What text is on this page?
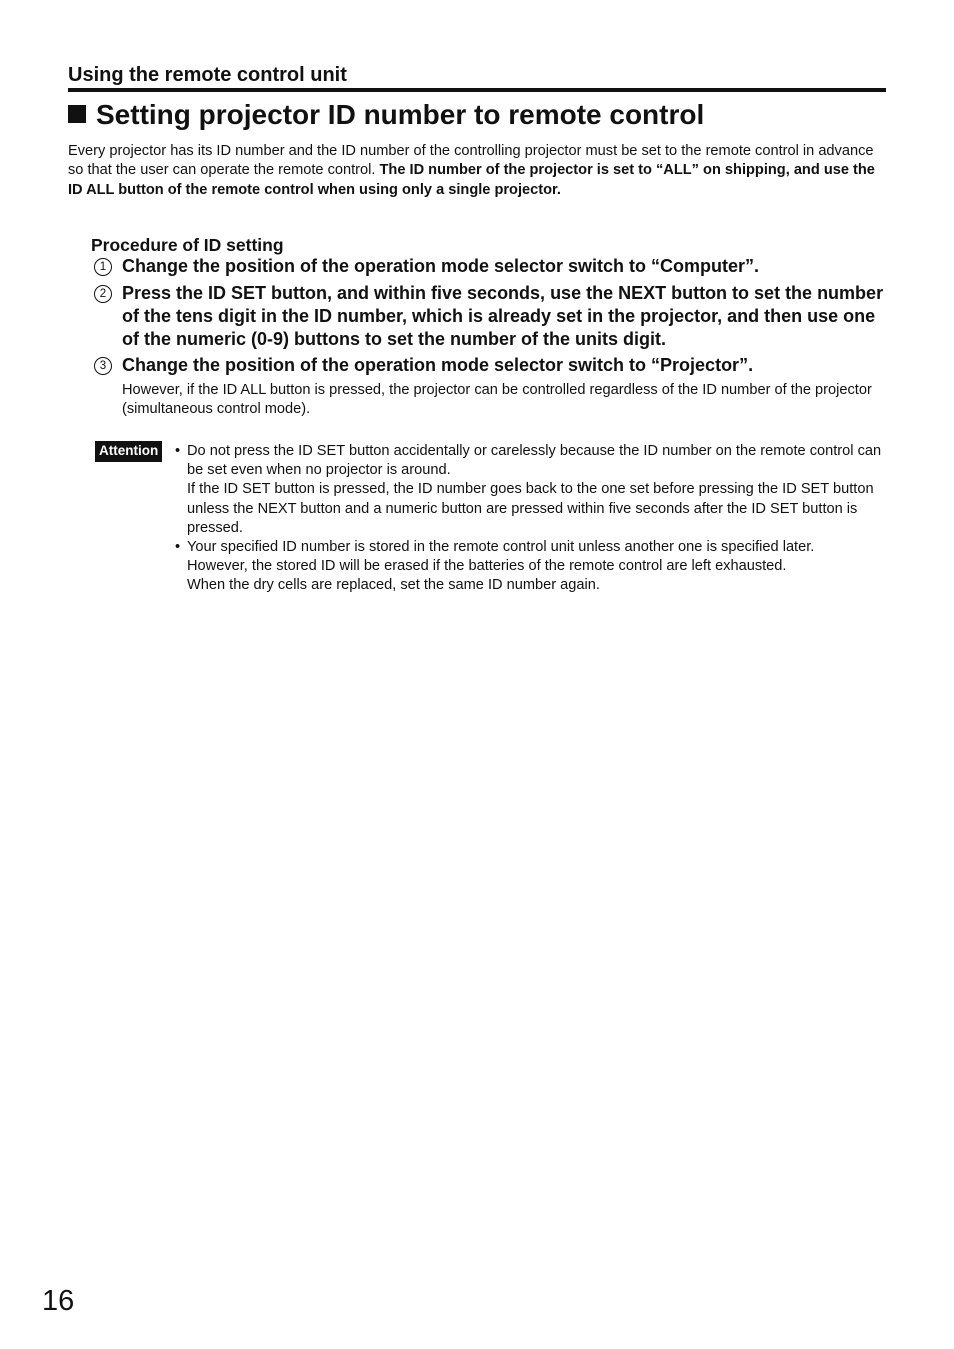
Using the remote control unit
Setting projector ID number to remote control

Every projector has its ID number and the ID number of the controlling projector must be set to the remote control in advance so that the user can operate the remote control. The ID number of the projector is set to “ALL” on shipping, and use the ID ALL button of the remote control when using only a single projector.

Procedure of ID setting
1 Change the position of the operation mode selector switch to “Computer”.
2 Press the ID SET button, and within five seconds, use the NEXT button to set the number of the tens digit in the ID number, which is already set in the projector, and then use one of the numeric (0-9) buttons to set the number of the units digit.
3 Change the position of the operation mode selector switch to “Projector”.

However, if the ID ALL button is pressed, the projector can be controlled regardless of the ID number of the projector (simultaneous control mode).

Attention • Do not press the ID SET button accidentally or carelessly because the ID number on the remote control can be set even when no projector is around.
If the ID SET button is pressed, the ID number goes back to the one set before pressing the ID SET button unless the NEXT button and a numeric button are pressed within five seconds after the ID SET button is pressed.
• Your specified ID number is stored in the remote control unit unless another one is specified later.
However, the stored ID will be erased if the batteries of the remote control are left exhausted.
When the dry cells are replaced, set the same ID number again.
16
